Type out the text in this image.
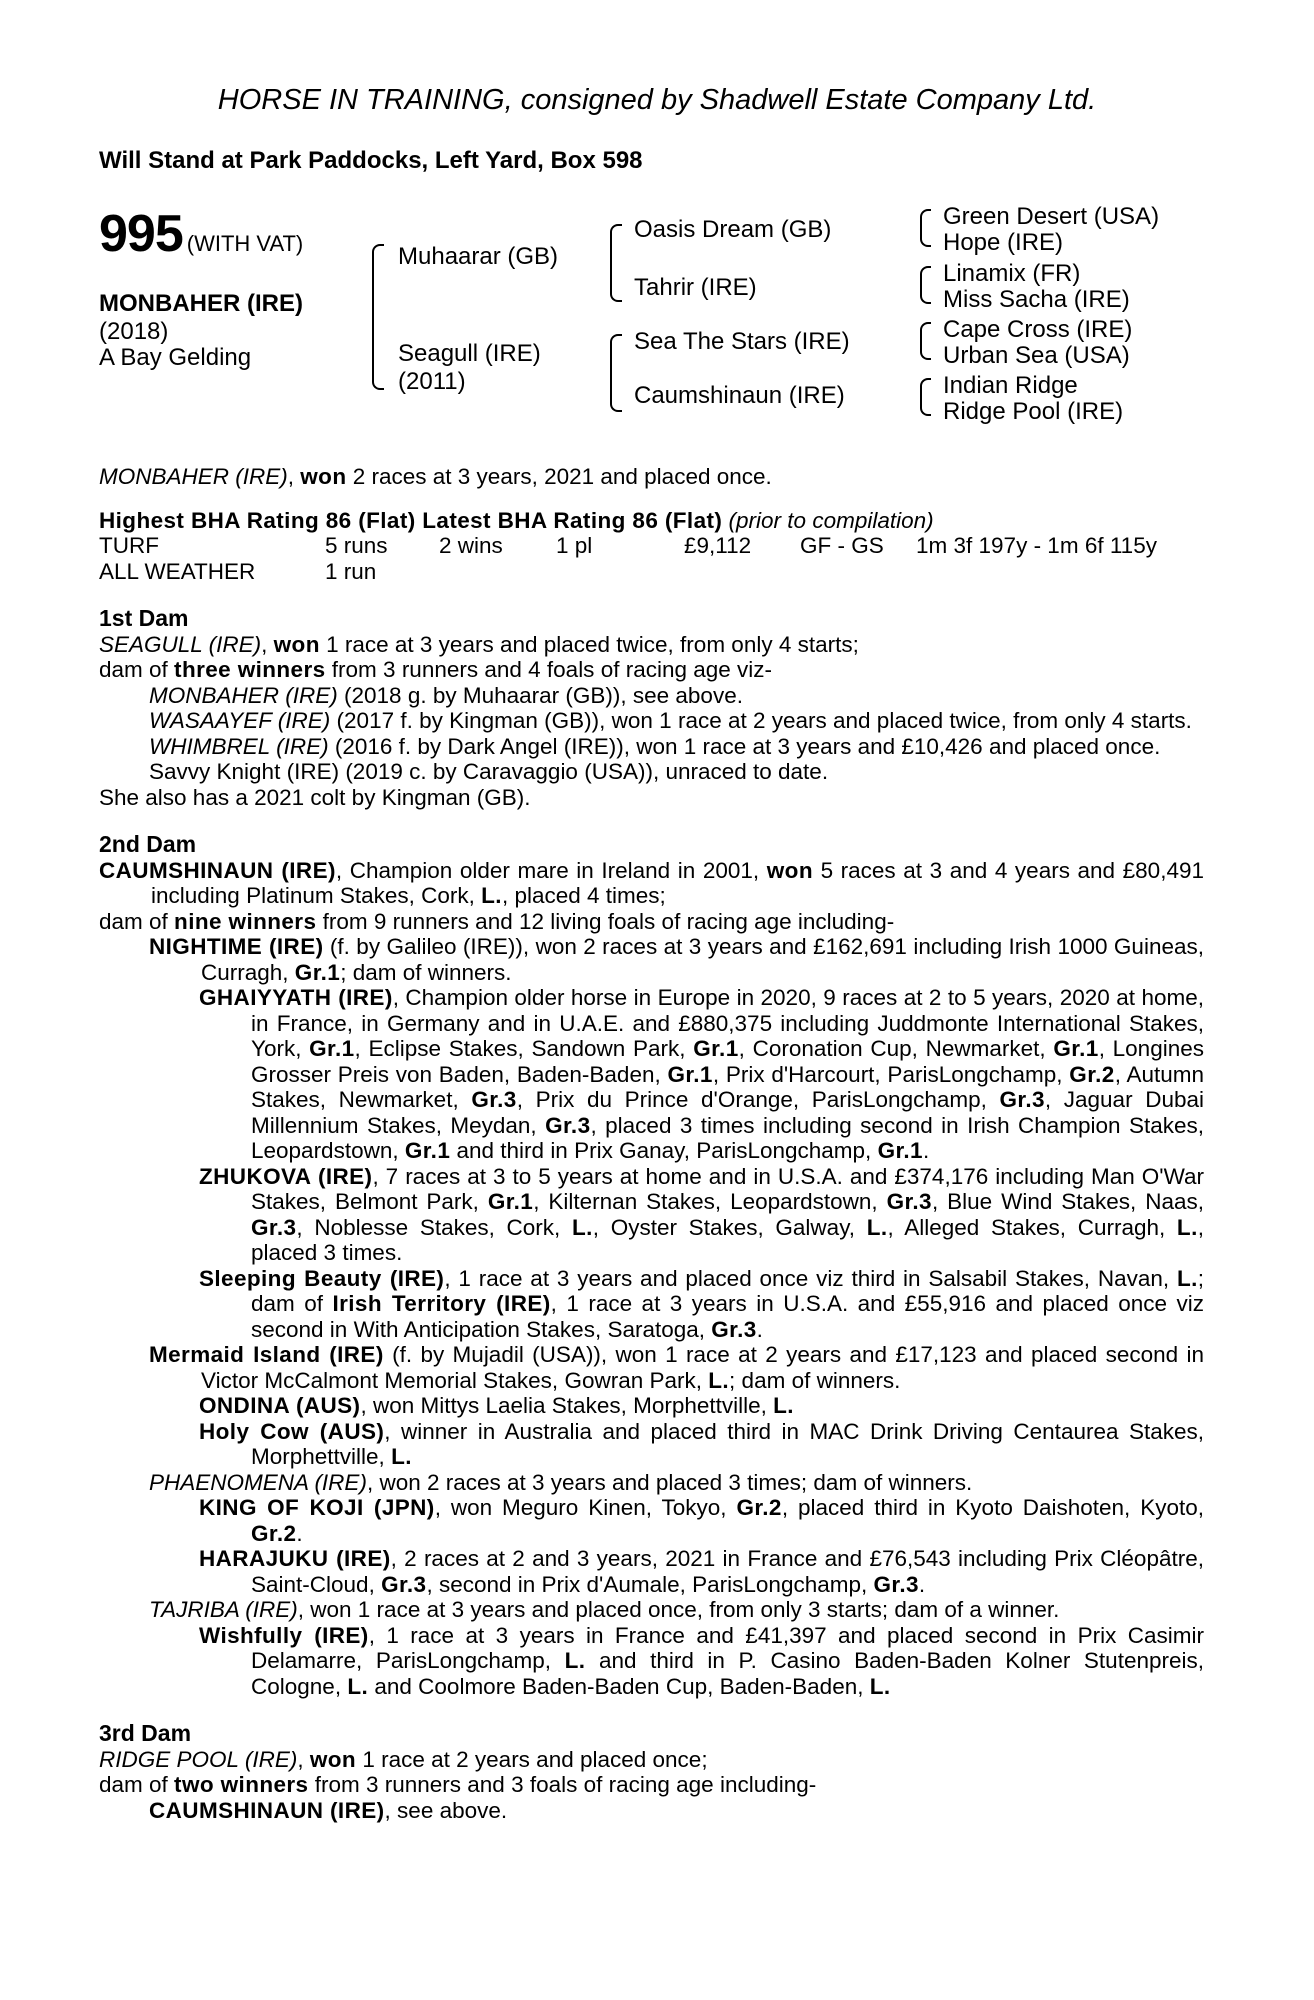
HORSE IN TRAINING, consigned by Shadwell Estate Company Ltd.
Will Stand at Park Paddocks, Left Yard, Box 598
995 (WITH VAT)
MONBAHER (IRE)
(2018)
A Bay Gelding
Muhaarar (GB)
Seagull (IRE)
(2011)
Oasis Dream (GB)
Tahrir (IRE)
Sea The Stars (IRE)
Caumshinaun (IRE)
Green Desert (USA)
Hope (IRE)
Linamix (FR)
Miss Sacha (IRE)
Cape Cross (IRE)
Urban Sea (USA)
Indian Ridge
Ridge Pool (IRE)

MONBAHER (IRE), won 2 races at 3 years, 2021 and placed once.

Highest BHA Rating 86 (Flat) Latest BHA Rating 86 (Flat) (prior to compilation)

TURF	5 runs	2 wins	1 pl	£9,112	GF - GS	1m 3f 197y - 1m 6f 115y
ALL WEATHER	1 run					

1st Dam

SEAGULL (IRE), won 1 race at 3 years and placed twice, from only 4 starts;

dam of three winners from 3 runners and 4 foals of racing age viz-

MONBAHER (IRE) (2018 g. by Muhaarar (GB)), see above.

WASAAYEF (IRE) (2017 f. by Kingman (GB)), won 1 race at 2 years and placed twice, from only 4 starts.

WHIMBREL (IRE) (2016 f. by Dark Angel (IRE)), won 1 race at 3 years and £10,426 and placed once.

Savvy Knight (IRE) (2019 c. by Caravaggio (USA)), unraced to date.

She also has a 2021 colt by Kingman (GB).

2nd Dam

CAUMSHINAUN (IRE), Champion older mare in Ireland in 2001, won 5 races at 3 and 4 years and £80,491 including Platinum Stakes, Cork, L., placed 4 times;

dam of nine winners from 9 runners and 12 living foals of racing age including-

NIGHTIME (IRE) (f. by Galileo (IRE)), won 2 races at 3 years and £162,691 including Irish 1000 Guineas, Curragh, Gr.1; dam of winners.

GHAIYYATH (IRE), Champion older horse in Europe in 2020, 9 races at 2 to 5 years, 2020 at home, in France, in Germany and in U.A.E. and £880,375 including Juddmonte International Stakes, York, Gr.1, Eclipse Stakes, Sandown Park, Gr.1, Coronation Cup, Newmarket, Gr.1, Longines Grosser Preis von Baden, Baden-Baden, Gr.1, Prix d'Harcourt, ParisLongchamp, Gr.2, Autumn Stakes, Newmarket, Gr.3, Prix du Prince d'Orange, ParisLongchamp, Gr.3, Jaguar Dubai Millennium Stakes, Meydan, Gr.3, placed 3 times including second in Irish Champion Stakes, Leopardstown, Gr.1 and third in Prix Ganay, ParisLongchamp, Gr.1.

ZHUKOVA (IRE), 7 races at 3 to 5 years at home and in U.S.A. and £374,176 including Man O'War Stakes, Belmont Park, Gr.1, Kilternan Stakes, Leopardstown, Gr.3, Blue Wind Stakes, Naas, Gr.3, Noblesse Stakes, Cork, L., Oyster Stakes, Galway, L., Alleged Stakes, Curragh, L., placed 3 times.

Sleeping Beauty (IRE), 1 race at 3 years and placed once viz third in Salsabil Stakes, Navan, L.; dam of Irish Territory (IRE), 1 race at 3 years in U.S.A. and £55,916 and placed once viz second in With Anticipation Stakes, Saratoga, Gr.3.

Mermaid Island (IRE) (f. by Mujadil (USA)), won 1 race at 2 years and £17,123 and placed second in Victor McCalmont Memorial Stakes, Gowran Park, L.; dam of winners.

ONDINA (AUS), won Mittys Laelia Stakes, Morphettville, L.

Holy Cow (AUS), winner in Australia and placed third in MAC Drink Driving Centaurea Stakes, Morphettville, L.

PHAENOMENA (IRE), won 2 races at 3 years and placed 3 times; dam of winners.

KING OF KOJI (JPN), won Meguro Kinen, Tokyo, Gr.2, placed third in Kyoto Daishoten, Kyoto, Gr.2.

HARAJUKU (IRE), 2 races at 2 and 3 years, 2021 in France and £76,543 including Prix Cléopâtre, Saint-Cloud, Gr.3, second in Prix d'Aumale, ParisLongchamp, Gr.3.

TAJRIBA (IRE), won 1 race at 3 years and placed once, from only 3 starts; dam of a winner.

Wishfully (IRE), 1 race at 3 years in France and £41,397 and placed second in Prix Casimir Delamarre, ParisLongchamp, L. and third in P. Casino Baden-Baden Kolner Stutenpreis, Cologne, L. and Coolmore Baden-Baden Cup, Baden-Baden, L.

3rd Dam

RIDGE POOL (IRE), won 1 race at 2 years and placed once;

dam of two winners from 3 runners and 3 foals of racing age including-

CAUMSHINAUN (IRE), see above.
